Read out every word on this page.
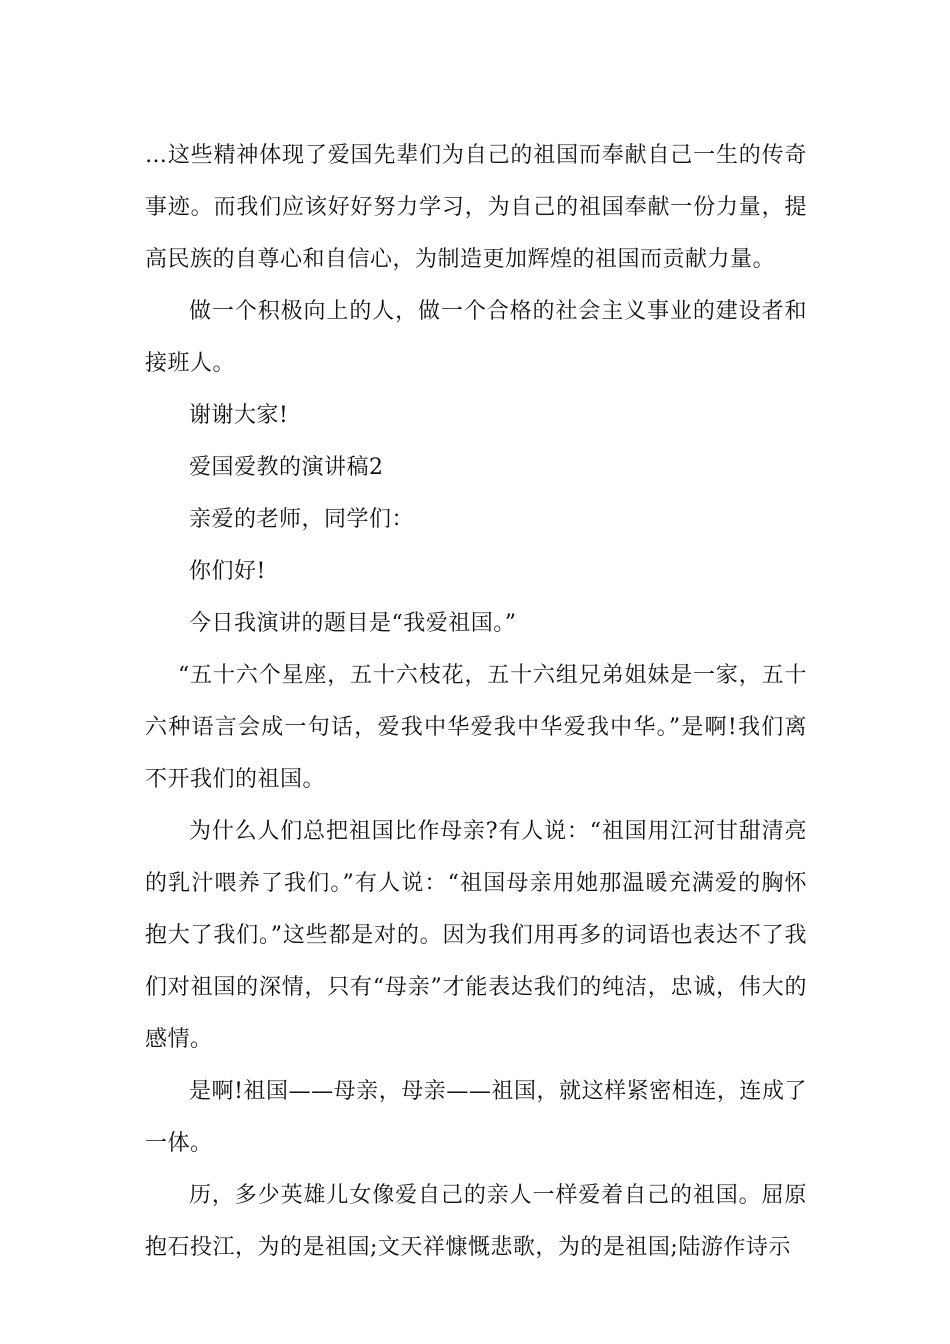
…这些精神体现了爱国先辈们为自己的祖国而奉献自己一生的传奇事迹。而我们应该好好努力学习，为自己的祖国奉献一份力量，提高民族的自尊心和自信心，为制造更加辉煌的祖国而贡献力量。

做一个积极向上的人，做一个合格的社会主义事业的建设者和接班人。

谢谢大家!

爱国爱教的演讲稿2

亲爱的老师，同学们：

你们好!

今日我演讲的题目是“我爱祖国。”

“五十六个星座，五十六枝花，五十六组兄弟姐妹是一家，五十六种语言会成一句话，爱我中华爱我中华爱我中华。”是啊!我们离不开我们的祖国。

为什么人们总把祖国比作母亲?有人说：“祖国用江河甘甜清亮的乳汁喂养了我们。”有人说：“祖国母亲用她那温暖充满爱的胸怀抱大了我们。”这些都是对的。因为我们用再多的词语也表达不了我们对祖国的深情，只有“母亲”才能表达我们的纯洁，忠诚，伟大的感情。

是啊!祖国——母亲，母亲——祖国，就这样紧密相连，连成了一体。

历，多少英雄儿女像爱自己的亲人一样爱着自己的祖国。屈原抱石投江，为的是祖国;文天祥慷慨悲歌，为的是祖国;陆游作诗示
